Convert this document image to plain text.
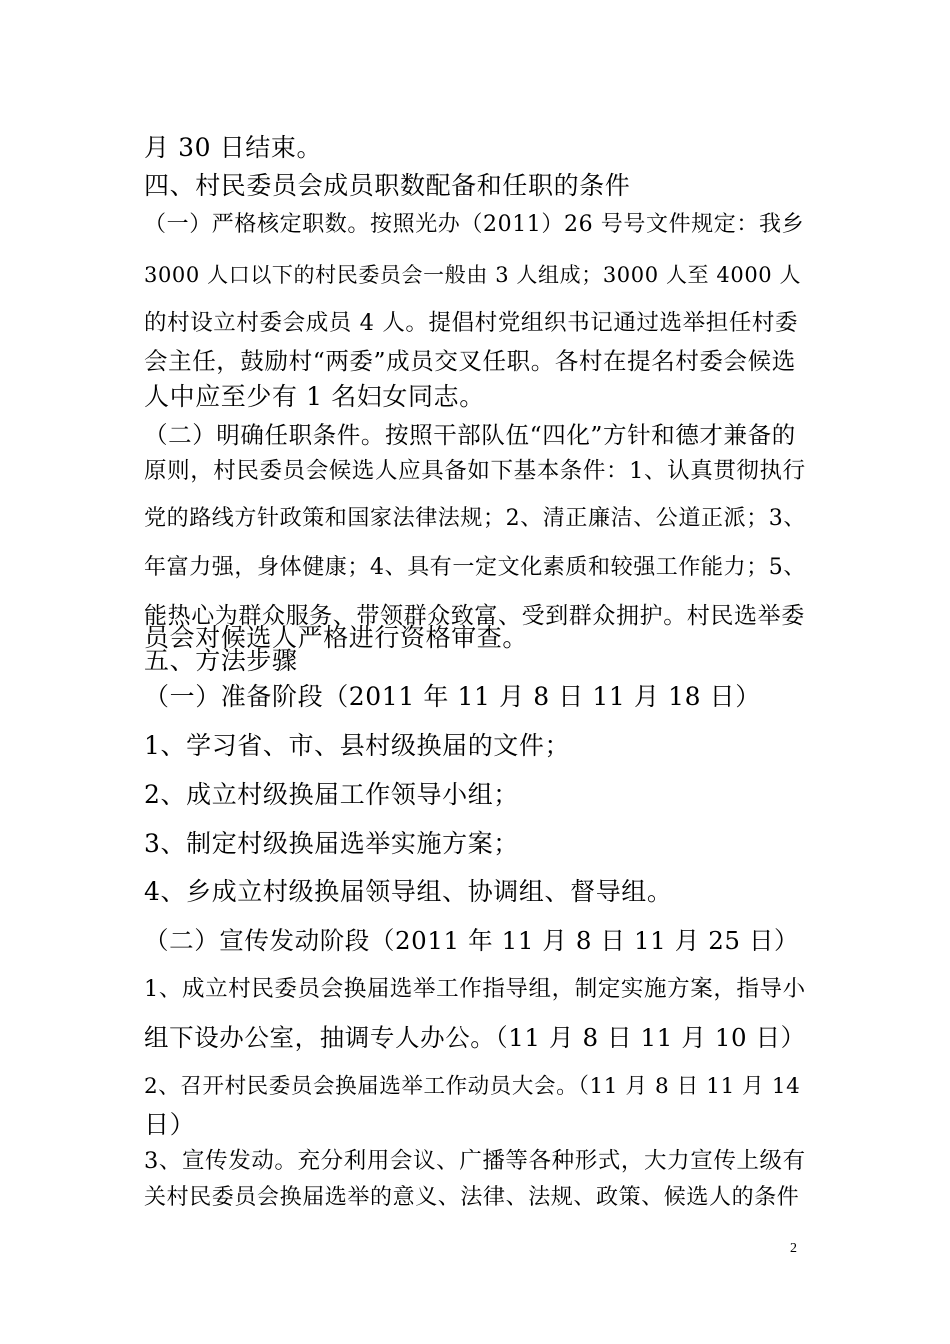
月 30 日结束。
四、村民委员会成员职数配备和任职的条件
（一）严格核定职数。按照光办（2011）26 号号文件规定：我乡
3000 人口以下的村民委员会一般由 3 人组成；3000 人至 4000 人
的村设立村委会成员 4 人。提倡村党组织书记通过选举担任村委
会主任，鼓励村“两委”成员交叉任职。各村在提名村委会候选
人中应至少有 1 名妇女同志。
（二）明确任职条件。按照干部队伍“四化”方针和德才兼备的
原则，村民委员会候选人应具备如下基本条件：1、认真贯彻执行
党的路线方针政策和国家法律法规；2、清正廉洁、公道正派；3、
年富力强，身体健康；4、具有一定文化素质和较强工作能力；5、
能热心为群众服务、带领群众致富、受到群众拥护。村民选举委
员会对候选人严格进行资格审查。
五、方法步骤
（一）准备阶段（2011 年 11 月 8 日 11 月 18 日）
1、学习省、市、县村级换届的文件；
2、成立村级换届工作领导小组；
3、制定村级换届选举实施方案；
4、乡成立村级换届领导组、协调组、督导组。
（二）宣传发动阶段（2011 年 11 月 8 日 11 月 25 日）
1、成立村民委员会换届选举工作指导组，制定实施方案，指导小
组下设办公室，抽调专人办公。（11 月 8 日 11 月 10 日）
2、召开村民委员会换届选举工作动员大会。（11 月 8 日 11 月 14
日）
3、宣传发动。充分利用会议、广播等各种形式，大力宣传上级有
关村民委员会换届选举的意义、法律、法规、政策、候选人的条件
2
